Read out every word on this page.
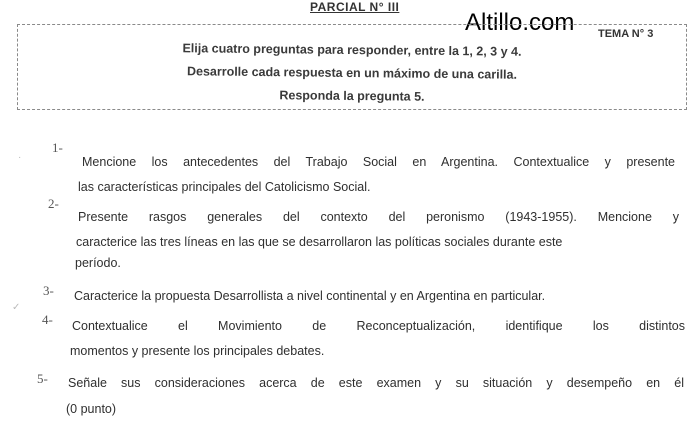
PARCIAL N° III
Altillo.com TEMA N° 3
Elija cuatro preguntas para responder, entre la 1, 2, 3 y 4.
Desarrolle cada respuesta en un máximo de una carilla.
Responda la pregunta 5.
·
1-
Mencione los antecedentes del Trabajo Social en Argentina. Contextualice y presente
las características principales del Catolicismo Social.
2-
Presente rasgos generales del contexto del peronismo (1943-1955). Mencione y
caracterice las tres líneas en las que se desarrollaron las políticas sociales durante este
período.
3- Caracterice la propuesta Desarrollista a nivel continental y en Argentina en particular.
✓
4- Contextualice el Movimiento de Reconceptualización, identifique los distintos
momentos y presente los principales debates.
5- Señale sus consideraciones acerca de este examen y su situación y desempeño en él
(0 punto)
